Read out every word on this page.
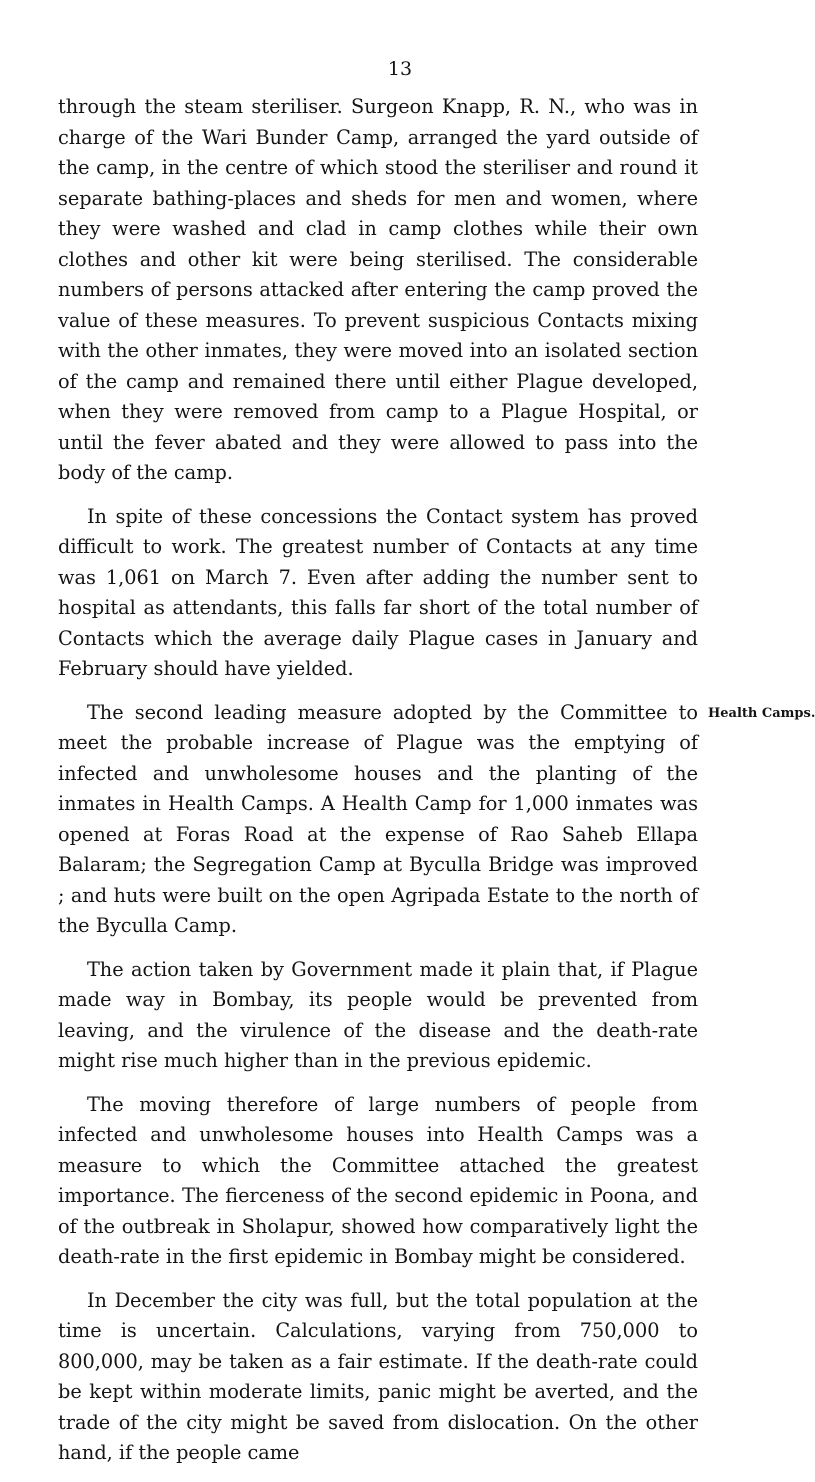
13

through the steam steriliser. Surgeon Knapp, R. N., who was in charge of the Wari Bunder Camp, arranged the yard outside of the camp, in the centre of which stood the steriliser and round it separate bathing-places and sheds for men and women, where they were washed and clad in camp clothes while their own clothes and other kit were being sterilised. The considerable numbers of persons attacked after entering the camp proved the value of these measures. To prevent suspicious Contacts mixing with the other inmates, they were moved into an isolated section of the camp and remained there until either Plague developed, when they were removed from camp to a Plague Hospital, or until the fever abated and they were allowed to pass into the body of the camp.

In spite of these concessions the Contact system has proved difficult to work. The greatest number of Contacts at any time was 1,061 on March 7. Even after adding the number sent to hospital as attendants, this falls far short of the total number of Contacts which the average daily Plague cases in January and February should have yielded.

The second leading measure adopted by the Committee to meet the probable increase of Plague was the emptying of infected and unwholesome houses and the planting of the inmates in Health Camps. A Health Camp for 1,000 inmates was opened at Foras Road at the expense of Rao Saheb Ellapa Balaram; the Segregation Camp at Byculla Bridge was improved ; and huts were built on the open Agripada Estate to the north of the Byculla Camp.

The action taken by Government made it plain that, if Plague made way in Bombay, its people would be prevented from leaving, and the virulence of the disease and the death-rate might rise much higher than in the previous epidemic.

The moving therefore of large numbers of people from infected and unwholesome houses into Health Camps was a measure to which the Committee attached the greatest importance. The fierceness of the second epidemic in Poona, and of the outbreak in Sholapur, showed how comparatively light the death-rate in the first epidemic in Bombay might be considered.

In December the city was full, but the total population at the time is uncertain. Calculations, varying from 750,000 to 800,000, may be taken as a fair estimate. If the death-rate could be kept within moderate limits, panic might be averted, and the trade of the city might be saved from dislocation. On the other hand, if the people came

Health Camps.
